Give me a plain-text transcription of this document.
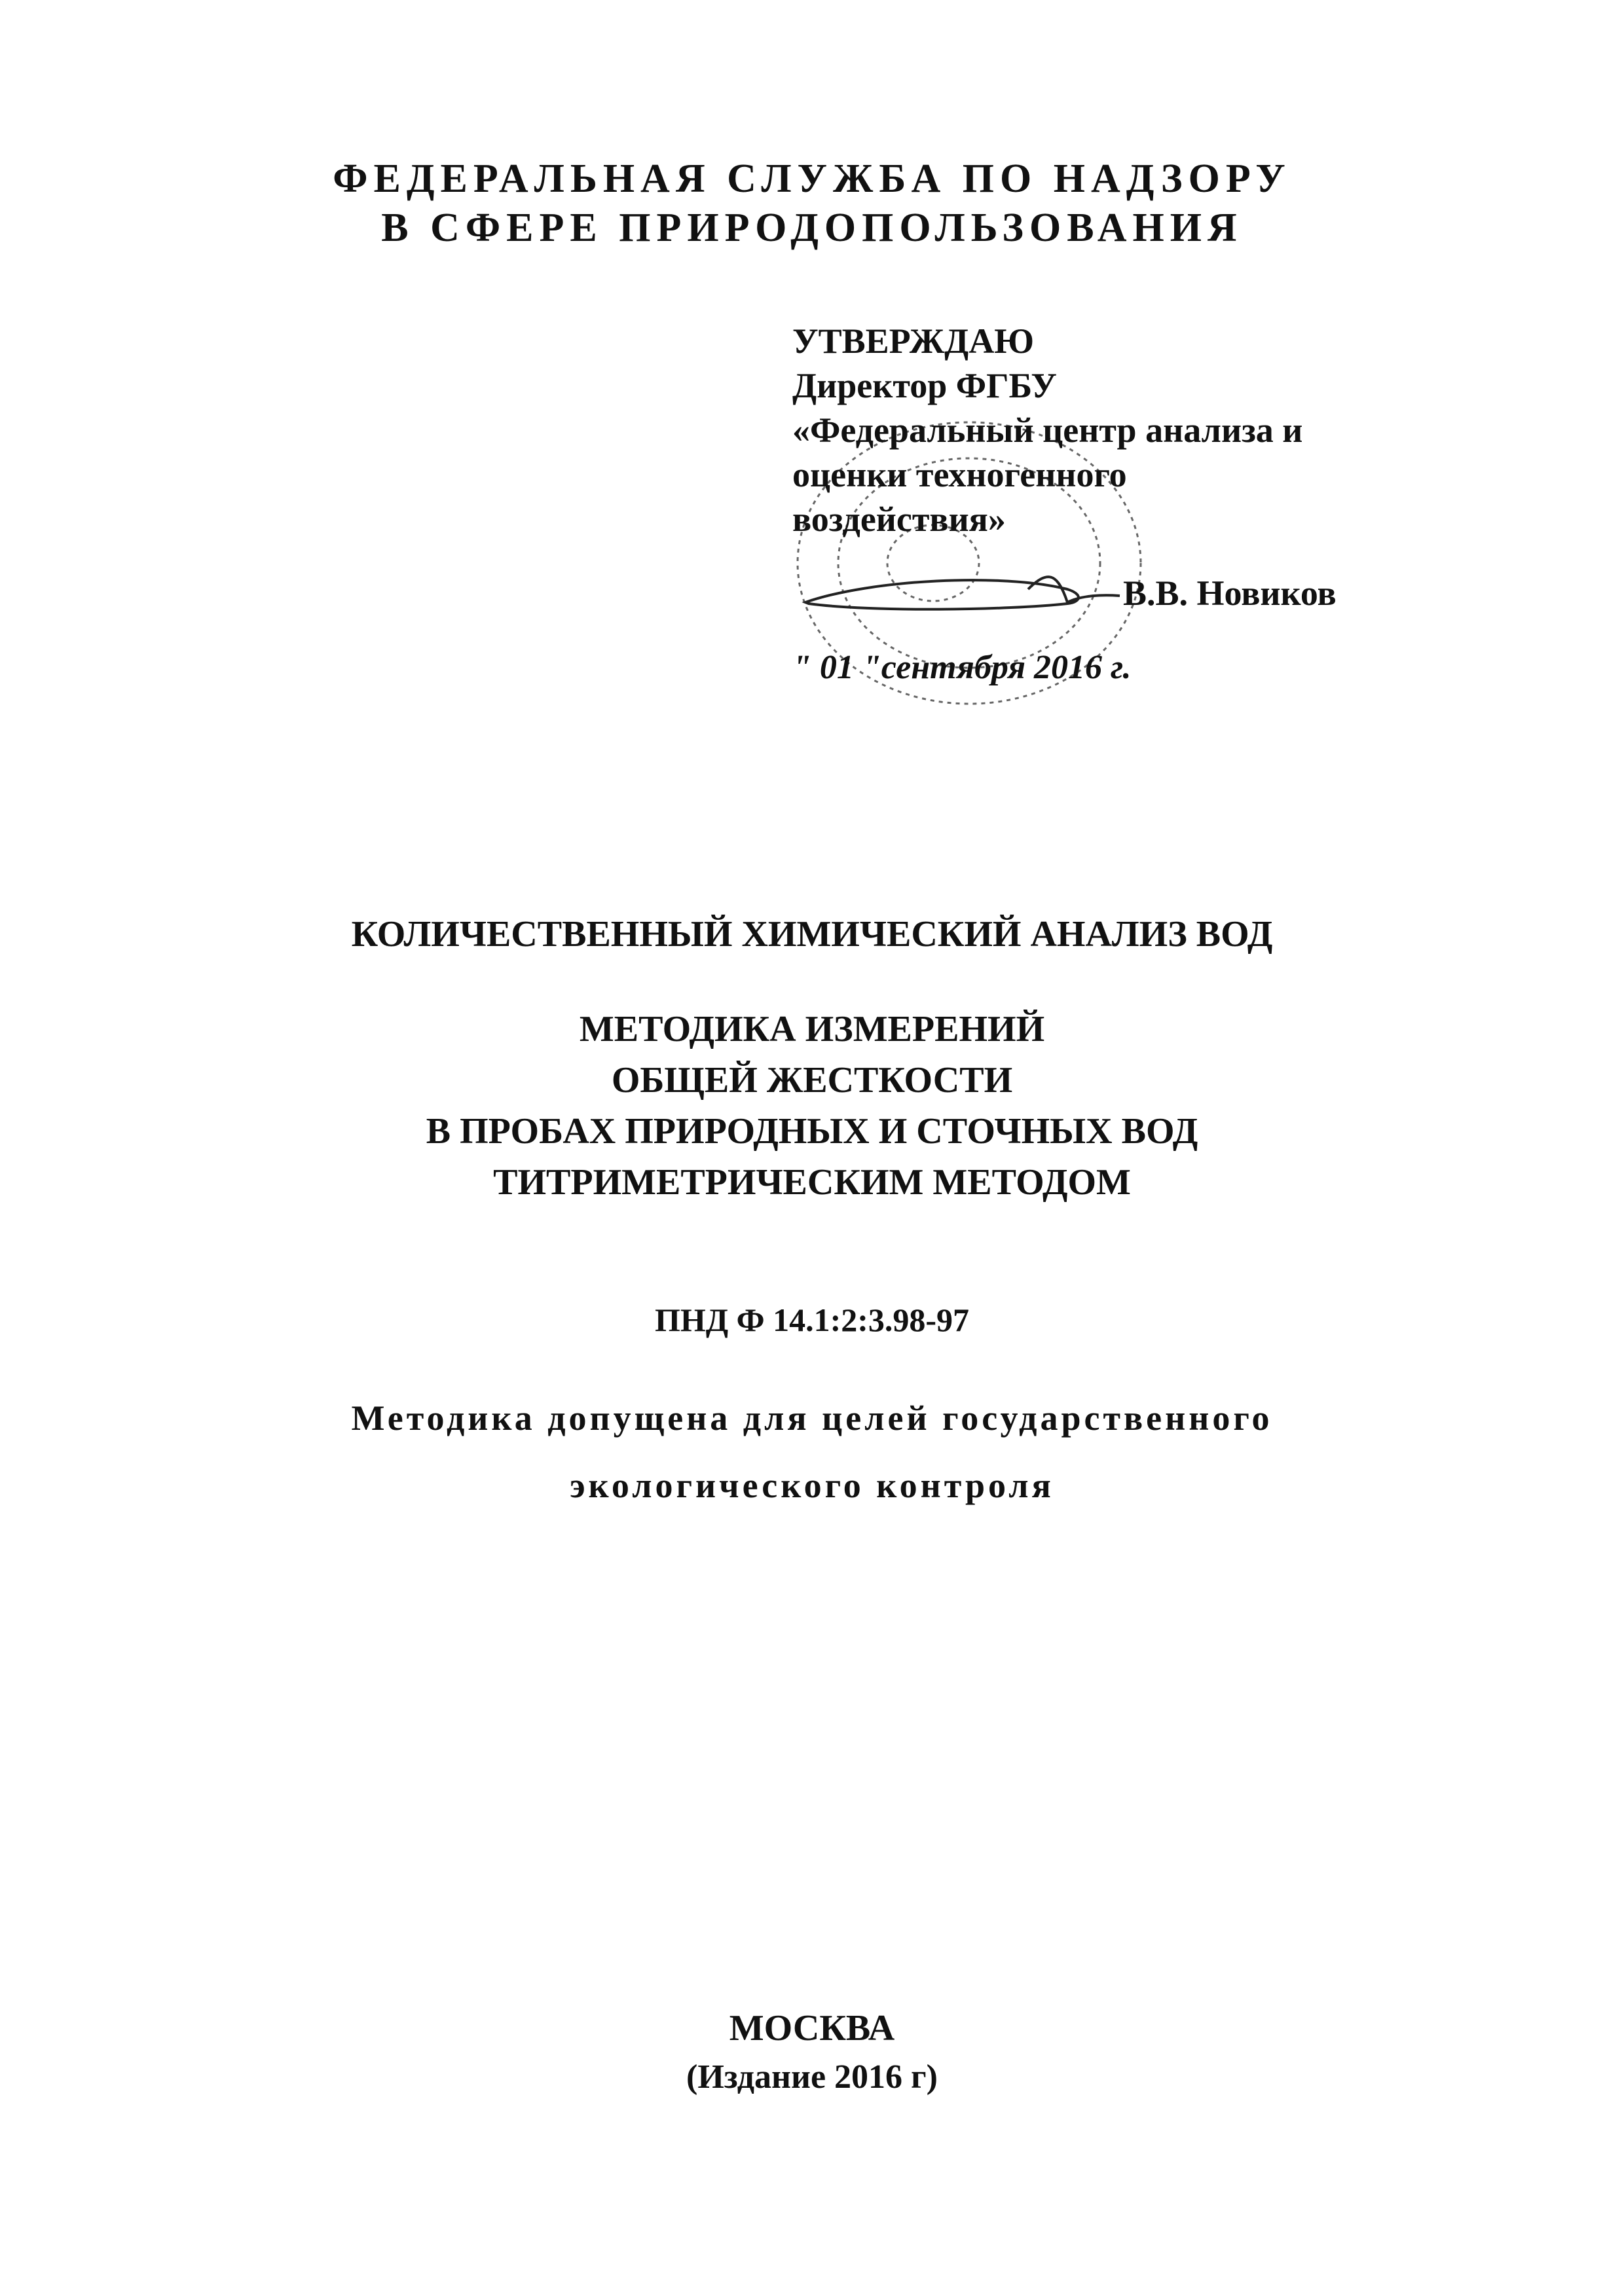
ФЕДЕРАЛЬНАЯ СЛУЖБА ПО НАДЗОРУ
В СФЕРЕ ПРИРОДОПОЛЬЗОВАНИЯ
УТВЕРЖДАЮ
Директор ФГБУ
«Федеральный центр анализа и
оценки техногенного
воздействия»
В.В. Новиков
" 01 "сентября 2016 г.
КОЛИЧЕСТВЕННЫЙ ХИМИЧЕСКИЙ АНАЛИЗ ВОД
МЕТОДИКА ИЗМЕРЕНИЙ
ОБЩЕЙ ЖЕСТКОСТИ
В ПРОБАХ ПРИРОДНЫХ И СТОЧНЫХ ВОД
ТИТРИМЕТРИЧЕСКИМ МЕТОДОМ
ПНД Ф 14.1:2:3.98-97
Методика допущена для целей государственного
экологического контроля
МОСКВА
(Издание 2016 г)
